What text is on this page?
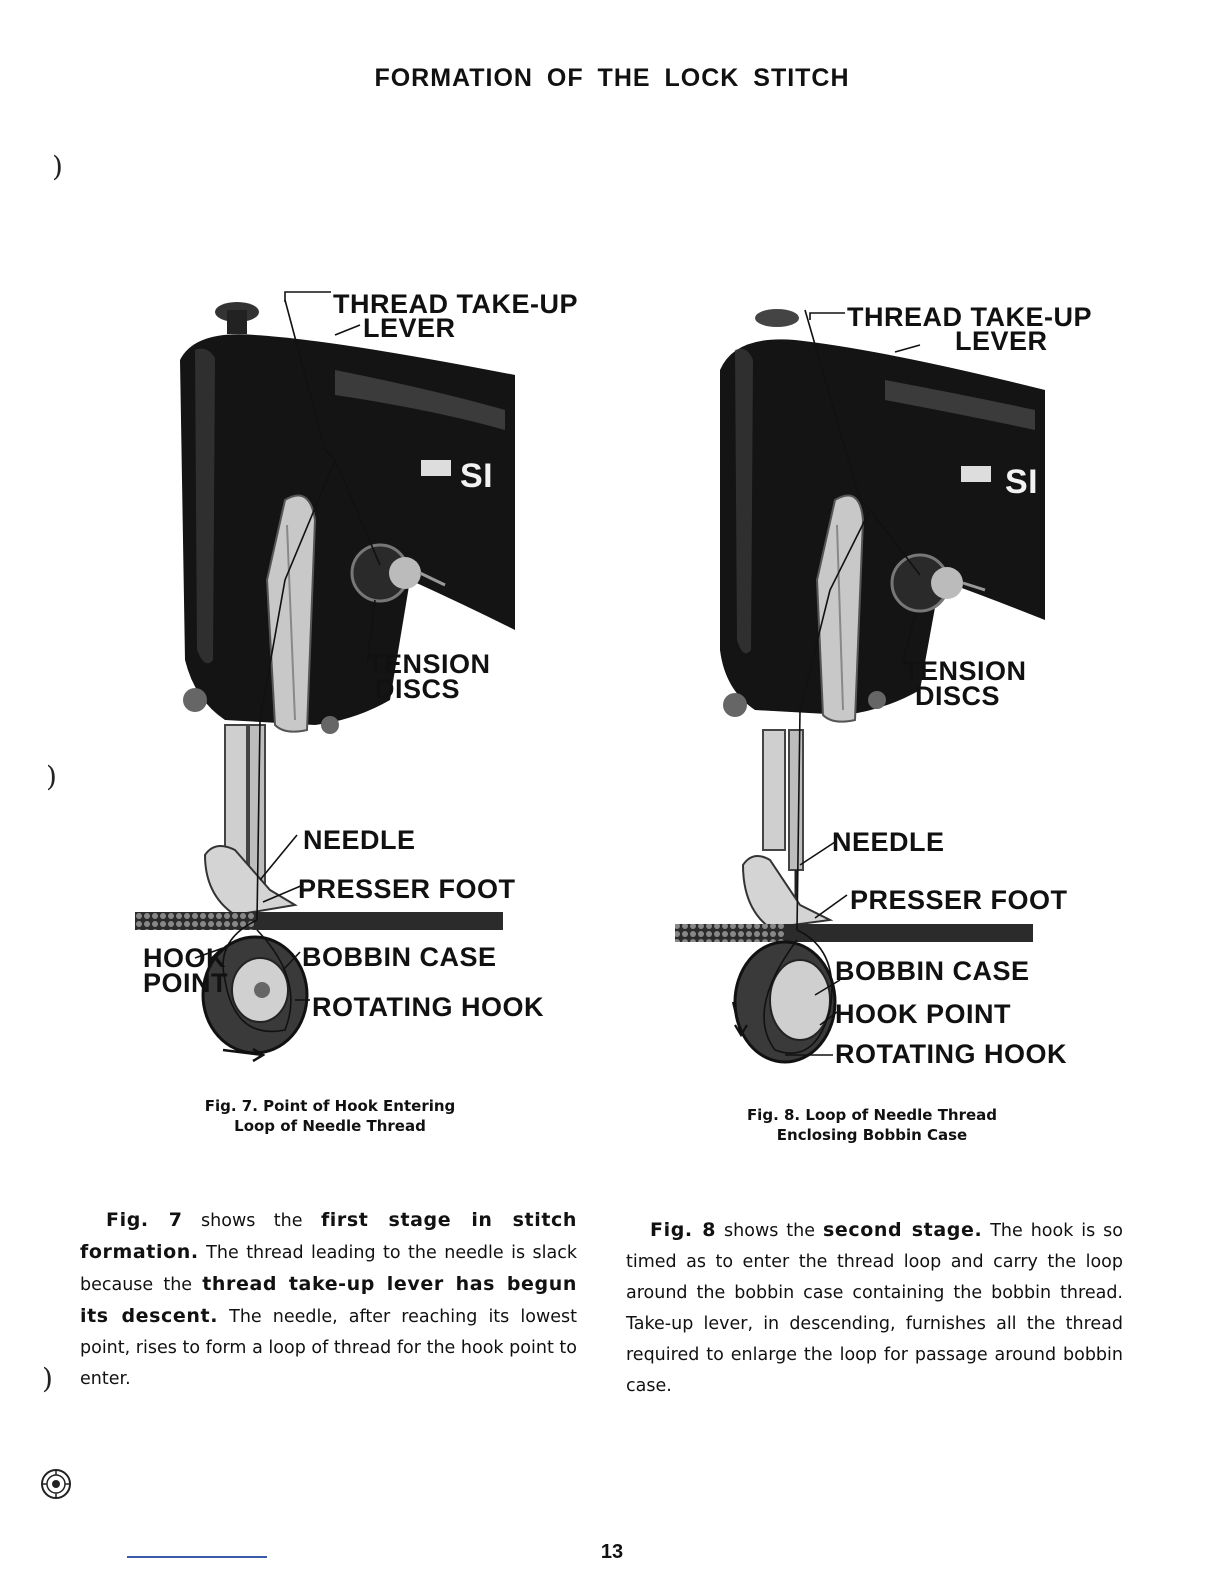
FORMATION OF THE LOCK STITCH
)
)
)
SI
THREAD TAKE-UP
LEVER
TENSION
DISCS
NEEDLE
PRESSER FOOT
HOOK
POINT
BOBBIN CASE
ROTATING HOOK
Fig. 7. Point of Hook Entering
Loop of Needle Thread
SI
THREAD TAKE-UP
LEVER
TENSION
DISCS
NEEDLE
PRESSER FOOT
BOBBIN CASE
HOOK POINT
ROTATING HOOK
Fig. 8. Loop of Needle Thread
Enclosing Bobbin Case
Fig. 7 shows the first stage in stitch formation. The thread leading to the needle is slack because the thread take-up lever has begun its descent. The needle, after reaching its lowest point, rises to form a loop of thread for the hook point to enter.
Fig. 8 shows the second stage. The hook is so timed as to enter the thread loop and carry the loop around the bobbin case containing the bobbin thread. Take-up lever, in descending, furnishes all the thread required to enlarge the loop for passage around bobbin case.
13
